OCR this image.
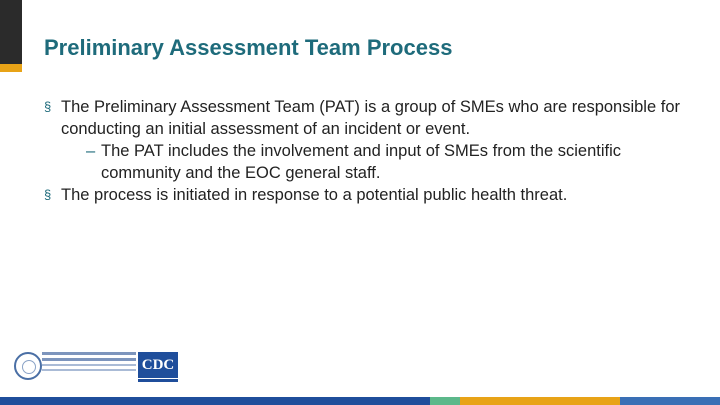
Preliminary Assessment Team Process
§ The Preliminary Assessment Team (PAT) is a group of SMEs who are responsible for conducting an initial assessment of an incident or event.
– The PAT includes the involvement and input of SMEs from the scientific community and the EOC general staff.
§ The process is initiated in response to a potential public health threat.
CDC
